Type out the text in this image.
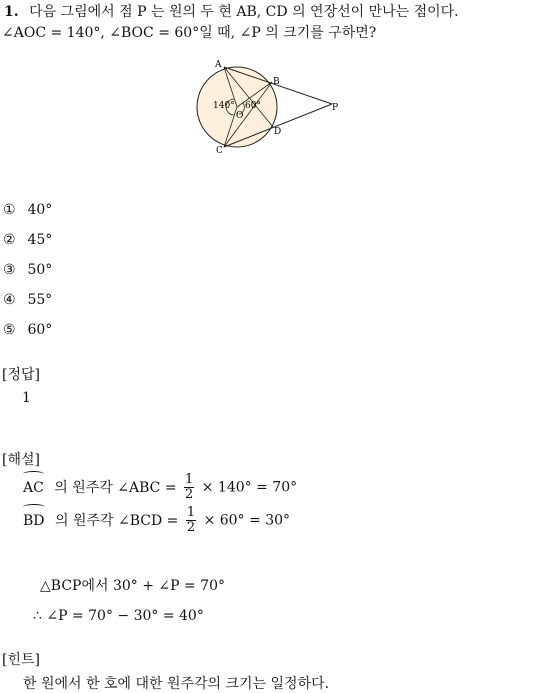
1. 다음 그림에서 점 P 는 원의 두 현 AB, CD 의 연장선이 만나는 점이다.
∠AOC = 140°, ∠BOC = 60°일 때, ∠P 의 크기를 구하면?
A
B
C
D
O
P
140° 60°
① 40°
② 45°
③ 50°
④ 55°
⑤ 60°
[정답]
1
[해설]
AC 의 원주각 ∠ABC = $\frac{1}{2} \times 140^\circ = 70^\circ$
BD 의 원주각 ∠BCD = $\frac{1}{2} \times 60^\circ = 30^\circ$
△BCP에서 30° + ∠P = 70°
∴ ∠P = 70° − 30° = 40°
[힌트]
한 원에서 한 호에 대한 원주각의 크기는 일정하다.
